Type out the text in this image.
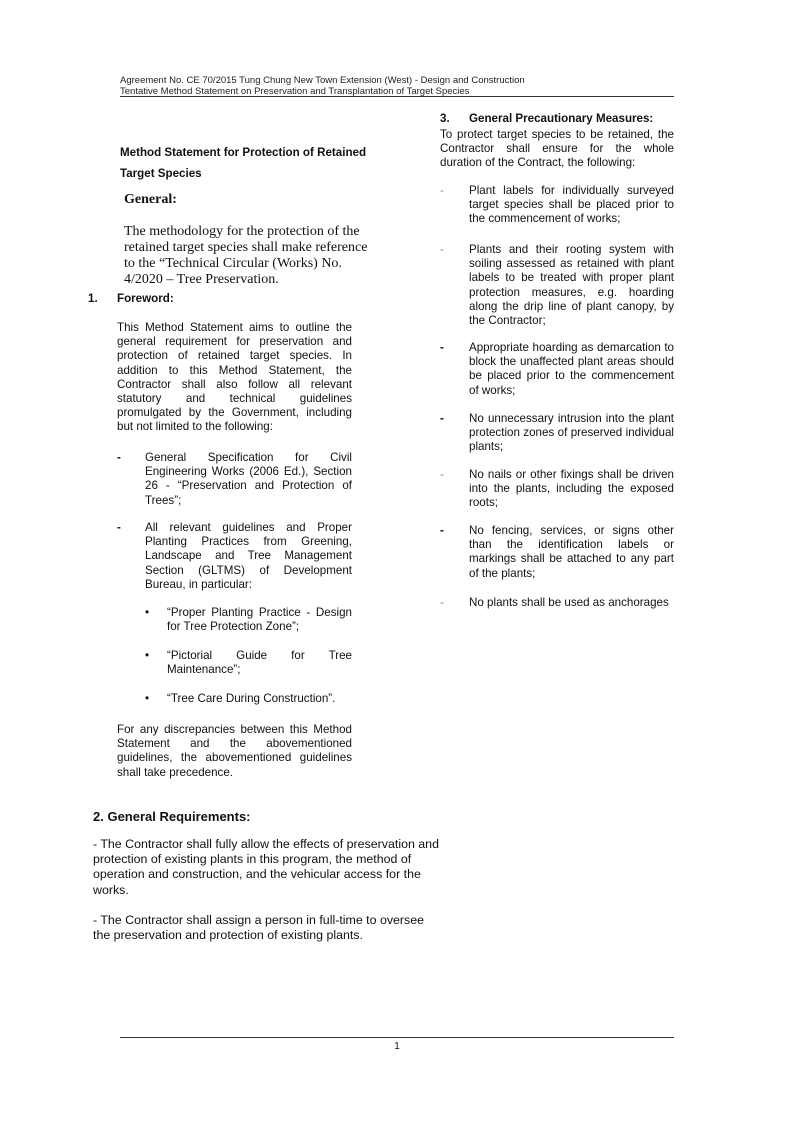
Agreement No. CE 70/2015 Tung Chung New Town Extension (West) - Design and Construction
Tentative Method Statement on Preservation and Transplantation of Target Species
Method Statement for Protection of Retained
Target Species
General:
The methodology for the protection of the retained target species shall make reference to the “Technical Circular (Works) No. 4/2020 – Tree Preservation.
1. Foreword:
This Method Statement aims to outline the general requirement for preservation and protection of retained target species. In addition to this Method Statement, the Contractor shall also follow all relevant statutory and technical guidelines promulgated by the Government, including but not limited to the following:
- General Specification for Civil Engineering Works (2006 Ed.), Section 26 - “Preservation and Protection of Trees”;
- All relevant guidelines and Proper Planting Practices from Greening, Landscape and Tree Management Section (GLTMS) of Development Bureau, in particular:
• “Proper Planting Practice - Design for Tree Protection Zone”;
• “Pictorial Guide for Tree Maintenance”;
• “Tree Care During Construction”.
For any discrepancies between this Method Statement and the abovementioned guidelines, the abovementioned guidelines shall take precedence.
2. General Requirements:
- The Contractor shall fully allow the effects of preservation and protection of existing plants in this program, the method of operation and construction, and the vehicular access for the works.
- The Contractor shall assign a person in full-time to oversee the preservation and protection of existing plants.
3. General Precautionary Measures:
To protect target species to be retained, the Contractor shall ensure for the whole duration of the Contract, the following:
- Plant labels for individually surveyed target species shall be placed prior to the commencement of works;
- Plants and their rooting system with soiling assessed as retained with plant labels to be treated with proper plant protection measures, e.g. hoarding along the drip line of plant canopy, by the Contractor;
- Appropriate hoarding as demarcation to block the unaffected plant areas should be placed prior to the commencement of works;
- No unnecessary intrusion into the plant protection zones of preserved individual plants;
- No nails or other fixings shall be driven into the plants, including the exposed roots;
- No fencing, services, or signs other than the identification labels or markings shall be attached to any part of the plants;
- No plants shall be used as anchorages
1
